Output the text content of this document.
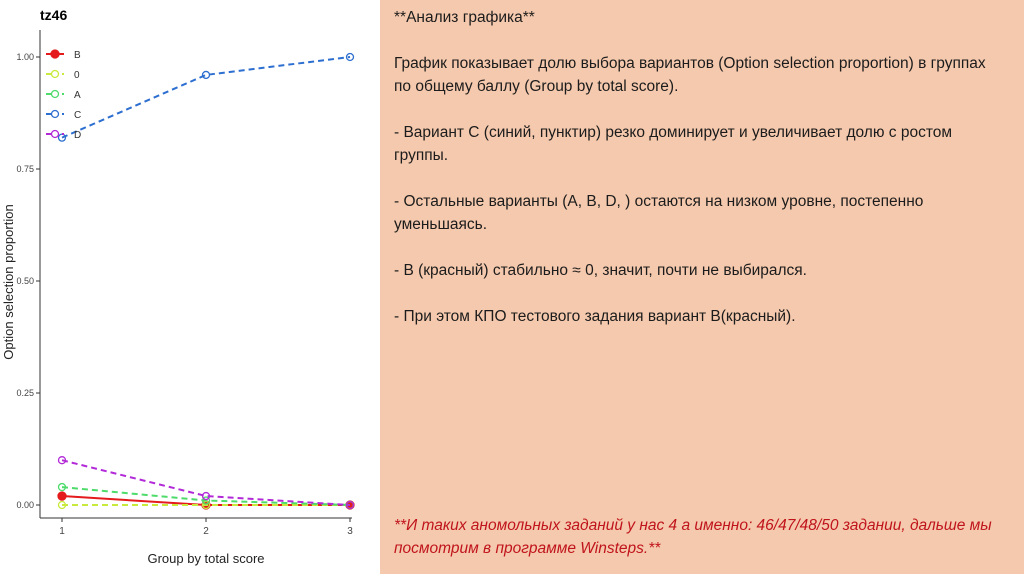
tz46
Option selection proportion
Group by total score
0.00
0.25
0.50
0.75
1.00
1	2	3
B
0
A
C
D

**Анализ графика**

График показывает долю выбора вариантов (Option selection proportion) в группах по общему баллу (Group by total score).

- Вариант C (синий, пунктир) резко доминирует и увеличивает долю с ростом группы.

- Остальные варианты (A, B, D, ) остаются на низком уровне, постепенно уменьшаясь.

- B (красный) стабильно ≈ 0, значит, почти не выбирался.

- При этом КПО тестового задания вариант В(красный).

**И таких аномольных заданий у нас 4 а именно: 46/47/48/50 задании, дальше мы посмотрим в программе Winsteps.**
